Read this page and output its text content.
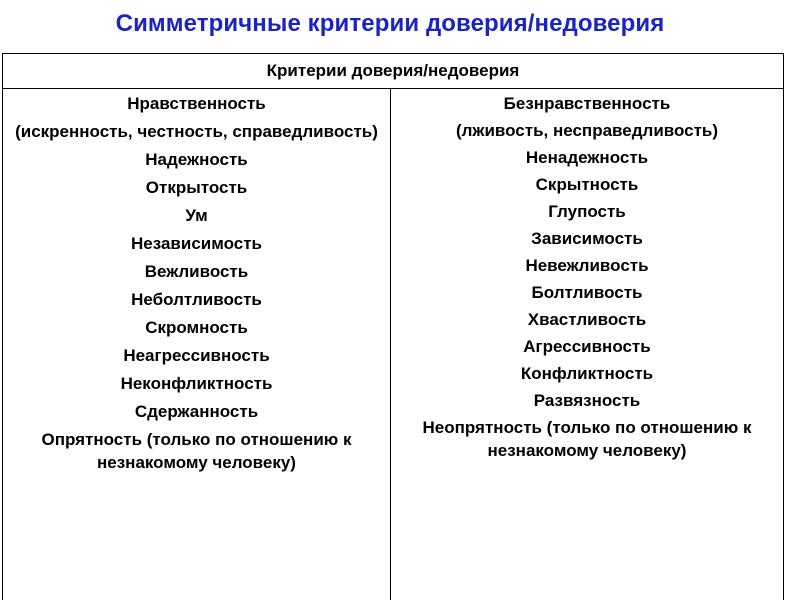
Симметричные критерии доверия/недоверия
Критерии доверия/недоверия
Нравственность
(искренность, честность, справедливость)
Надежность
Открытость
Ум
Независимость
Вежливость
Неболтливость
Скромность
Неагрессивность
Неконфликтность
Сдержанность
Опрятность (только по отношению к незнакомому человеку)
Безнравственность
(лживость, несправедливость)
Ненадежность
Скрытность
Глупость
Зависимость
Невежливость
Болтливость
Хвастливость
Агрессивность
Конфликтность
Развязность
Неопрятность (только по отношению к незнакомому человеку)
